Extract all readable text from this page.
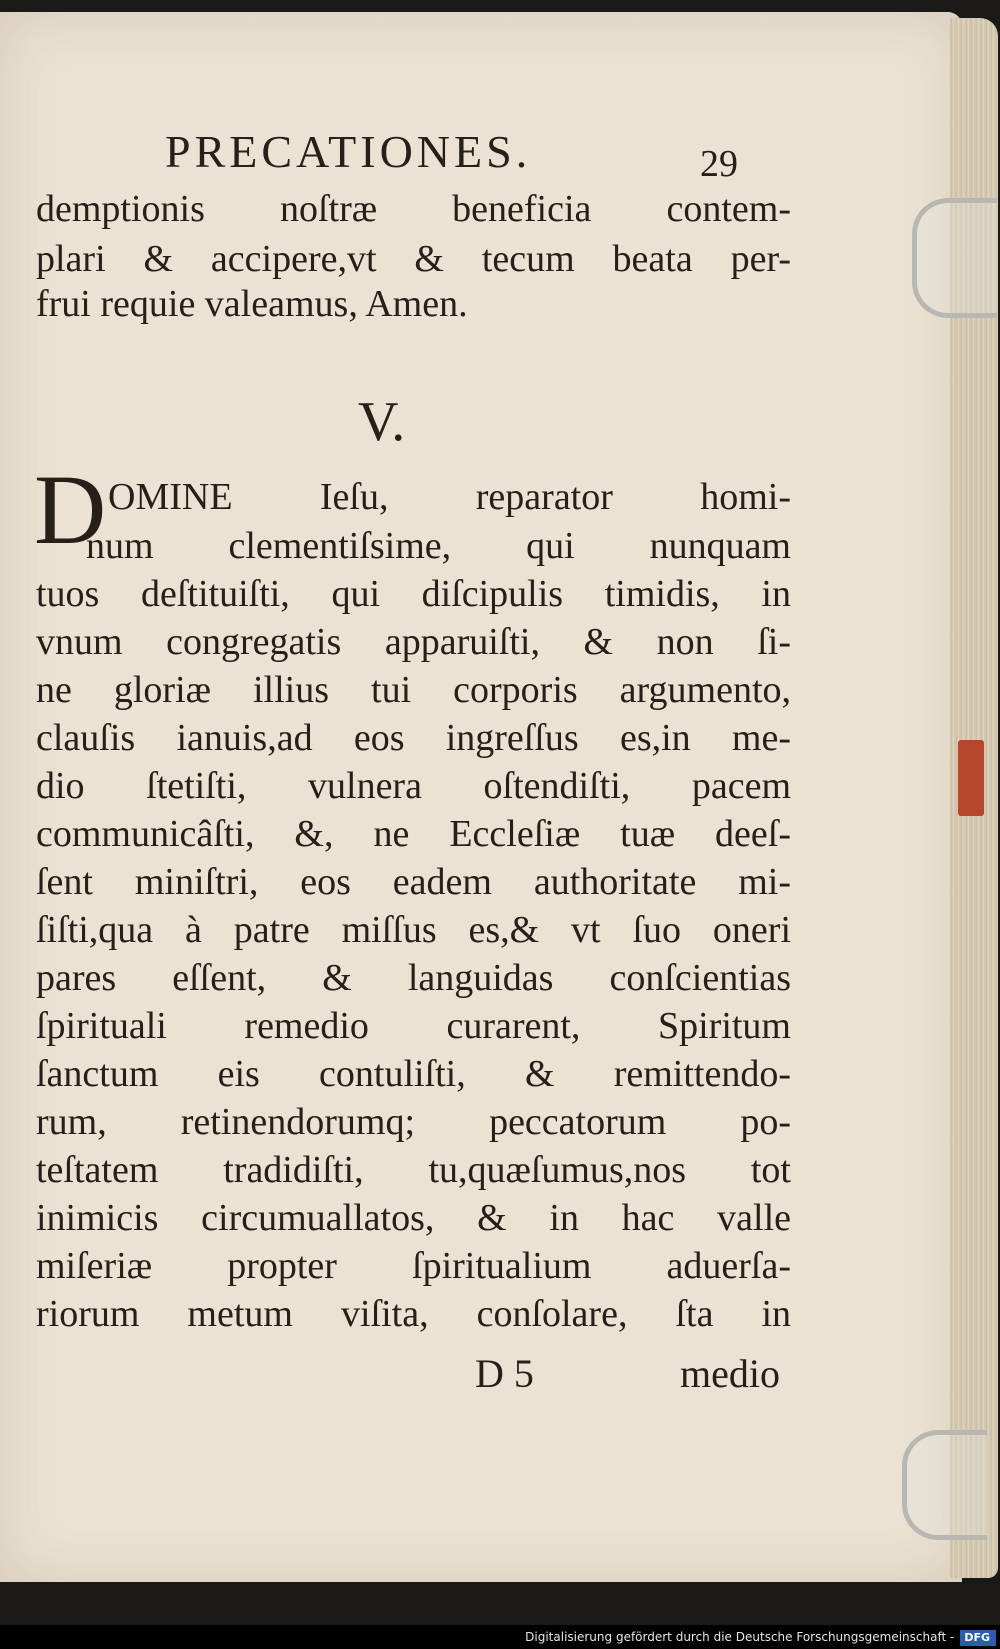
PRECATIONES.	29
demptionis noſtræ beneficia contem-
plari & accipere,vt & tecum beata per-
frui requie valeamus, Amen.
V.
D OMINE Ieſu, reparator homi-
num clementiſsime, qui nunquam
tuos deſtituiſti, qui diſcipulis timidis, in
vnum congregatis apparuiſti, & non ſi-
ne gloriæ illius tui corporis argumento,
clauſis ianuis,ad eos ingreſſus es,in me-
dio ſtetiſti, vulnera oſtendiſti, pacem
communicâſti, &, ne Eccleſiæ tuæ deeſ-
ſent miniſtri, eos eadem authoritate mi-
ſiſti,qua à patre miſſus es,& vt ſuo oneri
pares eſſent, & languidas conſcientias
ſpirituali remedio curarent, Spiritum
ſanctum eis contuliſti, & remittendo-
rum, retinendorumq; peccatorum po-
teſtatem tradidiſti, tu,quæſumus,nos tot
inimicis circumuallatos, & in hac valle
miſeriæ propter ſpiritualium aduerſa-
riorum metum viſita, conſolare, ſta in
D 5	medio
Digitalisierung gefördert durch die Deutsche Forschungsgemeinschaft - DFG
